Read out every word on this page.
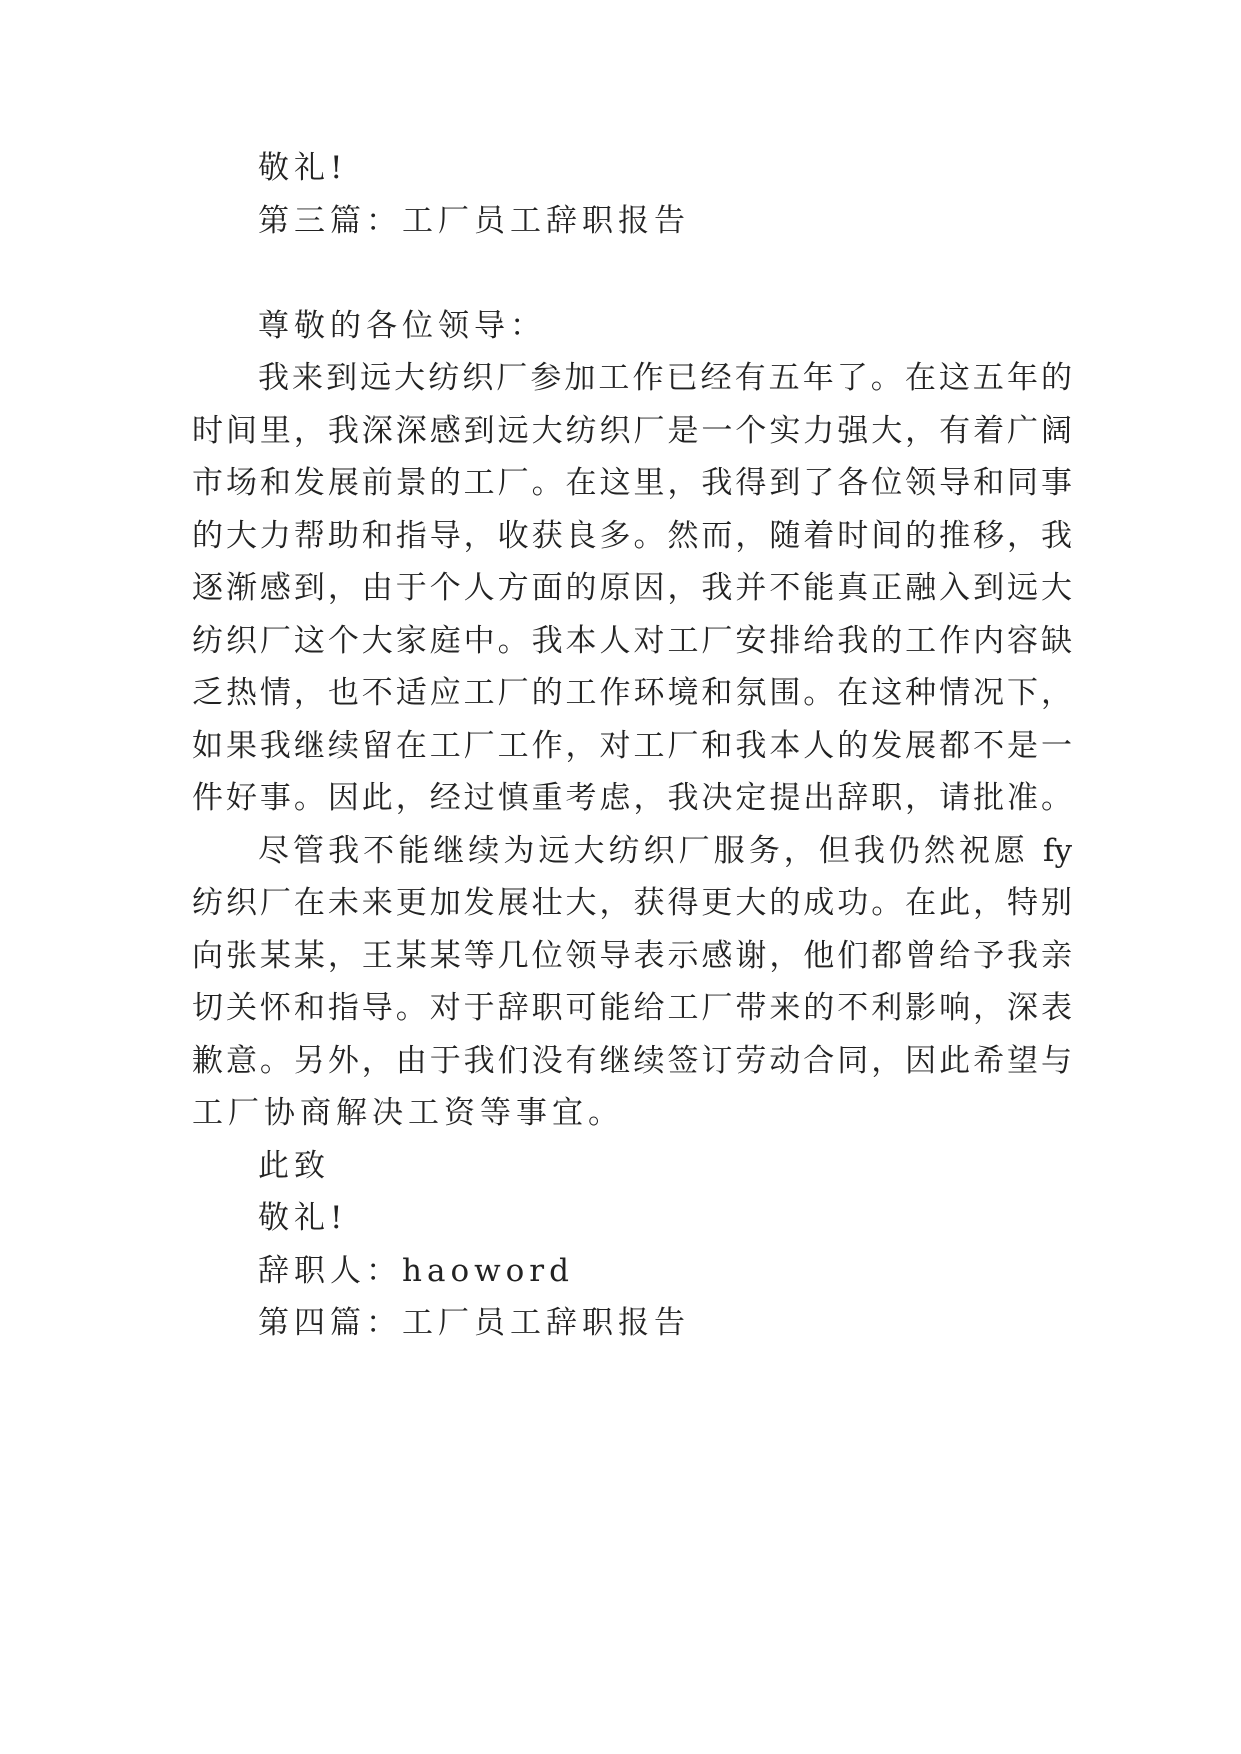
敬礼!
第三篇：工厂员工辞职报告
尊敬的各位领导：
我来到远大纺织厂参加工作已经有五年了。在这五年的
时间里，我深深感到远大纺织厂是一个实力强大，有着广阔
市场和发展前景的工厂。在这里，我得到了各位领导和同事
的大力帮助和指导，收获良多。然而，随着时间的推移，我
逐渐感到，由于个人方面的原因，我并不能真正融入到远大
纺织厂这个大家庭中。我本人对工厂安排给我的工作内容缺
乏热情，也不适应工厂的工作环境和氛围。在这种情况下，
如果我继续留在工厂工作，对工厂和我本人的发展都不是一
件好事。因此，经过慎重考虑，我决定提出辞职，请批准。
尽管我不能继续为远大纺织厂服务，但我仍然祝愿 fy
纺织厂在未来更加发展壮大，获得更大的成功。在此，特别
向张某某，王某某等几位领导表示感谢，他们都曾给予我亲
切关怀和指导。对于辞职可能给工厂带来的不利影响，深表
歉意。另外，由于我们没有继续签订劳动合同，因此希望与
工厂协商解决工资等事宜。
此致
敬礼!
辞职人：haoword
第四篇：工厂员工辞职报告
